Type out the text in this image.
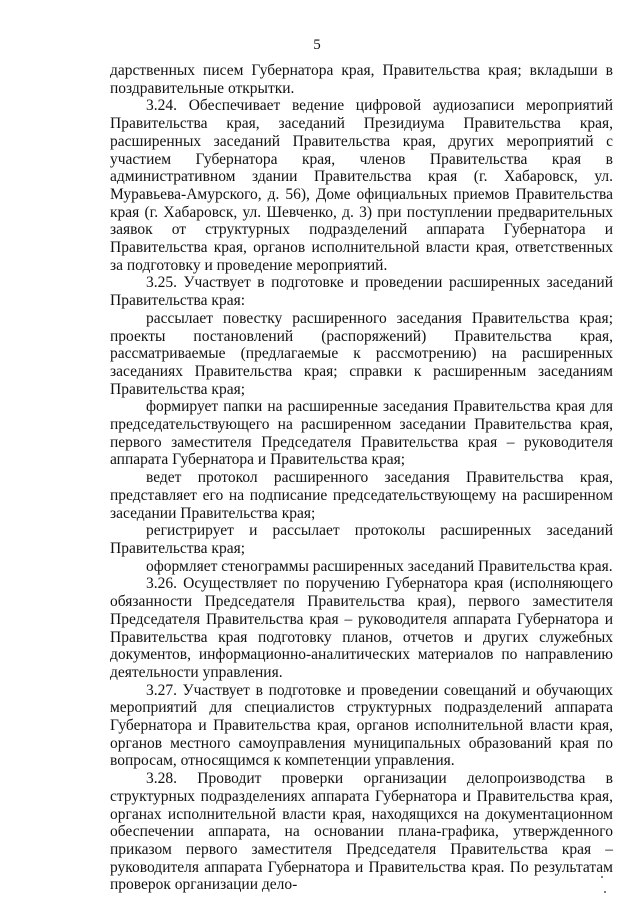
5

дарственных писем Губернатора края, Правительства края; вкладыши в поздравительные открытки.

3.24. Обеспечивает ведение цифровой аудиозаписи мероприятий Правительства края, заседаний Президиума Правительства края, расширенных заседаний Правительства края, других мероприятий с участием Губернатора края, членов Правительства края в административном здании Правительства края (г. Хабаровск, ул. Муравьева-Амурского, д. 56), Доме официальных приемов Правительства края (г. Хабаровск, ул. Шевченко, д. 3) при поступлении предварительных заявок от структурных подразделений аппарата Губернатора и Правительства края, органов исполнительной власти края, ответственных за подготовку и проведение мероприятий.

3.25. Участвует в подготовке и проведении расширенных заседаний Правительства края:

рассылает повестку расширенного заседания Правительства края; проекты постановлений (распоряжений) Правительства края, рассматриваемые (предлагаемые к рассмотрению) на расширенных заседаниях Правительства края; справки к расширенным заседаниям Правительства края;

формирует папки на расширенные заседания Правительства края для председательствующего на расширенном заседании Правительства края, первого заместителя Председателя Правительства края – руководителя аппарата Губернатора и Правительства края;

ведет протокол расширенного заседания Правительства края, представляет его на подписание председательствующему на расширенном заседании Правительства края;

регистрирует и рассылает протоколы расширенных заседаний Правительства края;

оформляет стенограммы расширенных заседаний Правительства края.

3.26. Осуществляет по поручению Губернатора края (исполняющего обязанности Председателя Правительства края), первого заместителя Председателя Правительства края – руководителя аппарата Губернатора и Правительства края подготовку планов, отчетов и других служебных документов, информационно-аналитических материалов по направлению деятельности управления.

3.27. Участвует в подготовке и проведении совещаний и обучающих мероприятий для специалистов структурных подразделений аппарата Губернатора и Правительства края, органов исполнительной власти края, органов местного самоуправления муниципальных образований края по вопросам, относящимся к компетенции управления.

3.28. Проводит проверки организации делопроизводства в структурных подразделениях аппарата Губернатора и Правительства края, органах исполнительной власти края, находящихся на документационном обеспечении аппарата, на основании плана-графика, утвержденного приказом первого заместителя Председателя Правительства края – руководителя аппарата Губернатора и Правительства края. По результатам проверок организации дело-
